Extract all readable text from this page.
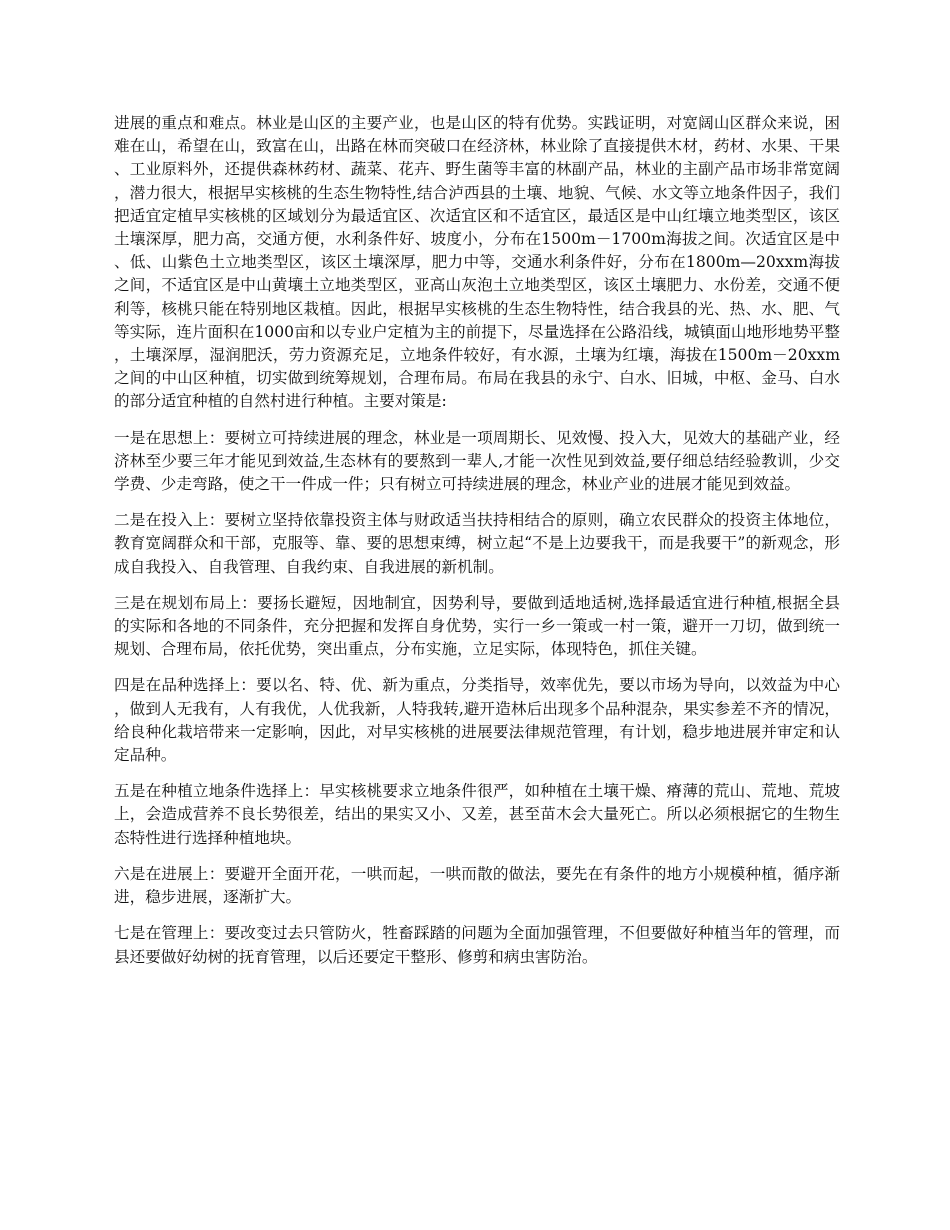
进展的重点和难点。林业是山区的主要产业，也是山区的特有优势。实践证明，对宽阔山区群众来说，困难在山，希望在山，致富在山，出路在林而突破口在经济林，林业除了直接提供木材，药材、水果、干果、工业原料外，还提供森林药材、蔬菜、花卉、野生菌等丰富的林副产品，林业的主副产品市场非常宽阔，潜力很大，根据早实核桃的生态生物特性,结合泸西县的土壤、地貌、气候、水文等立地条件因子，我们把适宜定植早实核桃的区域划分为最适宜区、次适宜区和不适宜区，最适区是中山红壤立地类型区，该区土壤深厚，肥力高，交通方便，水利条件好、坡度小，分布在1500m－1700m海拔之间。次适宜区是中、低、山紫色土立地类型区，该区土壤深厚，肥力中等，交通水利条件好，分布在1800m—20xxm海拔之间，不适宜区是中山黄壤土立地类型区，亚高山灰泡土立地类型区，该区土壤肥力、水份差，交通不便利等，核桃只能在特别地区栽植。因此，根据早实核桃的生态生物特性，结合我县的光、热、水、肥、气等实际，连片面积在1000亩和以专业户定植为主的前提下，尽量选择在公路沿线，城镇面山地形地势平整，土壤深厚，湿润肥沃，劳力资源充足，立地条件较好，有水源，土壤为红壤，海拔在1500m－20xxm之间的中山区种植，切实做到统筹规划，合理布局。布局在我县的永宁、白水、旧城，中枢、金马、白水的部分适宜种植的自然村进行种植。主要对策是:

一是在思想上：要树立可持续进展的理念，林业是一项周期长、见效慢、投入大，见效大的基础产业，经济林至少要三年才能见到效益,生态林有的要熬到一辈人,才能一次性见到效益,要仔细总结经验教训，少交学费、少走弯路，使之干一件成一件；只有树立可持续进展的理念，林业产业的进展才能见到效益。

二是在投入上：要树立坚持依靠投资主体与财政适当扶持相结合的原则，确立农民群众的投资主体地位，教育宽阔群众和干部，克服等、靠、要的思想束缚，树立起“不是上边要我干，而是我要干”的新观念，形成自我投入、自我管理、自我约束、自我进展的新机制。

三是在规划布局上：要扬长避短，因地制宜，因势利导，要做到适地适树,选择最适宜进行种植,根据全县的实际和各地的不同条件，充分把握和发挥自身优势，实行一乡一策或一村一策，避开一刀切，做到统一规划、合理布局，依托优势，突出重点，分布实施，立足实际，体现特色，抓住关键。

四是在品种选择上：要以名、特、优、新为重点，分类指导，效率优先，要以市场为导向，以效益为中心，做到人无我有，人有我优，人优我新，人特我转,避开造林后出现多个品种混杂，果实参差不齐的情况，给良种化栽培带来一定影响，因此，对早实核桃的进展要法律规范管理，有计划，稳步地进展并审定和认定品种。

五是在种植立地条件选择上：早实核桃要求立地条件很严，如种植在土壤干燥、瘠薄的荒山、荒地、荒坡上，会造成营养不良长势很差，结出的果实又小、又差，甚至苗木会大量死亡。所以必须根据它的生物生态特性进行选择种植地块。

六是在进展上：要避开全面开花，一哄而起，一哄而散的做法，要先在有条件的地方小规模种植，循序渐进，稳步进展，逐渐扩大。

七是在管理上：要改变过去只管防火，牲畜踩踏的问题为全面加强管理，不但要做好种植当年的管理，而县还要做好幼树的抚育管理，以后还要定干整形、修剪和病虫害防治。
